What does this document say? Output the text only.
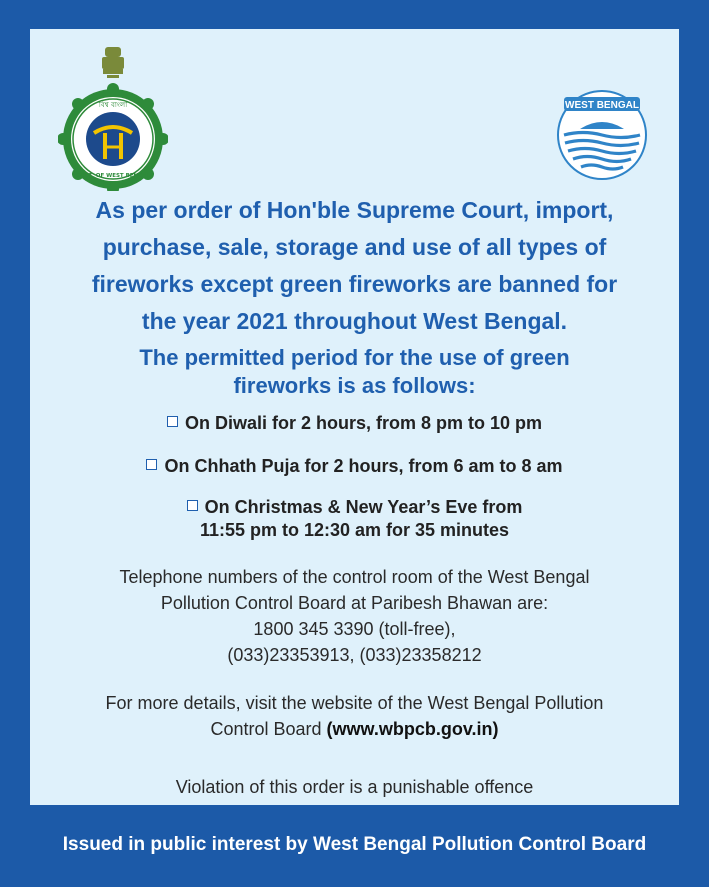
বিশ্ব বাংলা
GOVT. OF WEST BENGAL
WEST BENGAL
As per order of Hon'ble Supreme Court, import,
purchase, sale, storage and use of all types of
fireworks except green fireworks are banned for
the year 2021 throughout West Bengal.
The permitted period for the use of green
fireworks is as follows:
On Diwali for 2 hours, from 8 pm to 10 pm
On Chhath Puja for 2 hours, from 6 am to 8 am
On Christmas & New Year’s Eve from
11:55 pm to 12:30 am for 35 minutes
Telephone numbers of the control room of the West Bengal
Pollution Control Board at Paribesh Bhawan are:
1800 345 3390 (toll-free),
(033)23353913, (033)23358212
For more details, visit the website of the West Bengal Pollution
Control Board (www.wbpcb.gov.in)
Violation of this order is a punishable offence
Issued in public interest by West Bengal Pollution Control Board
